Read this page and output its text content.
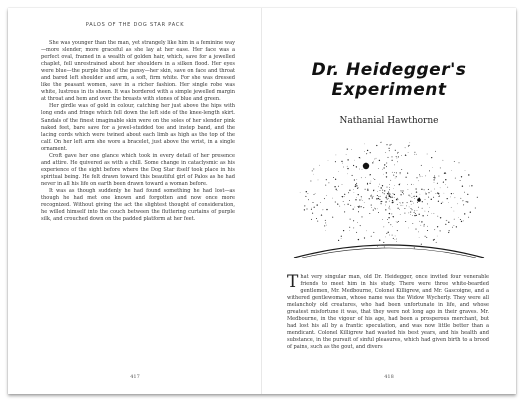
PALOS OF THE DOG STAR PACK

She was younger than the man, yet strangely like him in a feminine way—more slender, more graceful as she lay at her ease. Her face was a perfect oval, framed in a wealth of golden hair, which, save for a jewelled chaplet, fell unrestrained about her shoulders in a silken flood. Her eyes were blue—the purple blue of the pansy—her skin, save on face and throat and bared left shoulder and arm, a soft, firm white. For she was dressed like the peasant women, save in a richer fashion. Her single robe was white, lustrous in its sheen. It was bordered with a simple jewelled margin at throat and hem and over the breasts with stones of blue and green.

Her girdle was of gold in colour, catching her just above the hips with long ends and fringe which fell down the left side of the knee-length skirt. Sandals of the finest imaginable skin were on the soles of her slender pink naked feet, bare save for a jewel-studded toe and instep band, and the lacing cords which were twined about each limb as high as the top of the calf. On her left arm she wore a bracelet, just above the wrist, in a single ornament.

Croft gave her one glance which took in every detail of her presence and attire. He quivered as with a chill. Some change in cataclysmic as his experience of the sight before where the Dog Star itself took place in his spiritual being. He felt drawn toward this beautiful girl of Palos as he had never in all his life on earth been drawn toward a woman before.

It was as though suddenly he had found something he had lost—as though he had met one known and forgotten and now once more recognized. Without giving the act the slightest thought of consideration, he willed himself into the couch between the fluttering curtains of purple silk, and crouched down on the padded platform at her feet.

417
Dr. Heidegger's
Experiment
Nathanial Hawthorne

That very singular man, old Dr. Heidegger, once invited four venerable friends to meet him in his study. There were three white-bearded gentlemen, Mr. Medbourne, Colonel Killigrew, and Mr. Gascoigne, and a withered gentlewoman, whose name was the Widow Wycherly. They were all melancholy old creatures, who had been unfortunate in life, and whose greatest misfortune it was, that they were not long ago in their graves. Mr. Medbourne, in the vigour of his age, had been a prosperous merchant, but had lost his all by a frantic speculation, and was now little better than a mendicant. Colonel Killigrew had wasted his best years, and his health and substance, in the pursuit of sinful pleasures, which had given birth to a brood of pains, such as the gout, and divers

418
